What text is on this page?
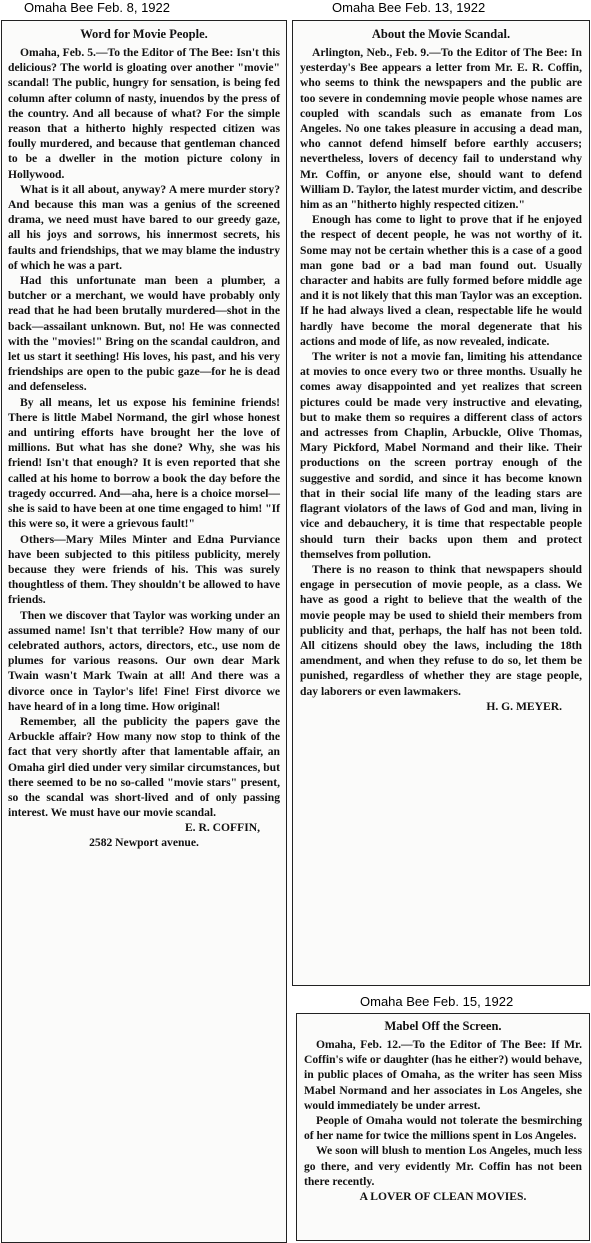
Omaha Bee Feb. 8, 1922	Omaha Bee Feb. 13, 1922
Omaha Bee Feb. 15, 1922
Word for Movie People.

Omaha, Feb. 5.—To the Editor of The Bee: Isn't this delicious? The world is gloating over another "movie" scandal! The public, hungry for sensation, is being fed column after column of nasty, inuendos by the press of the country. And all because of what? For the simple reason that a hitherto highly respected citizen was foully murdered, and because that gentleman chanced to be a dweller in the motion picture colony in Hollywood.

What is it all about, anyway? A mere murder story? And because this man was a genius of the screened drama, we need must have bared to our greedy gaze, all his joys and sorrows, his innermost secrets, his faults and friendships, that we may blame the industry of which he was a part.

Had this unfortunate man been a plumber, a butcher or a merchant, we would have probably only read that he had been brutally murdered—shot in the back—assailant unknown. But, no! He was connected with the "movies!" Bring on the scandal cauldron, and let us start it seething! His loves, his past, and his very friendships are open to the pubic gaze—for he is dead and defenseless.

By all means, let us expose his feminine friends! There is little Mabel Normand, the girl whose honest and untiring efforts have brought her the love of millions. But what has she done? Why, she was his friend! Isn't that enough? It is even reported that she called at his home to borrow a book the day before the tragedy occurred. And—aha, here is a choice morsel—she is said to have been at one time engaged to him! "If this were so, it were a grievous fault!"

Others—Mary Miles Minter and Edna Purviance have been subjected to this pitiless publicity, merely because they were friends of his. This was surely thoughtless of them. They shouldn't be allowed to have friends.

Then we discover that Taylor was working under an assumed name! Isn't that terrible? How many of our celebrated authors, actors, directors, etc., use nom de plumes for various reasons. Our own dear Mark Twain wasn't Mark Twain at all! And there was a divorce once in Taylor's life! Fine! First divorce we have heard of in a long time. How original!

Remember, all the publicity the papers gave the Arbuckle affair? How many now stop to think of the fact that very shortly after that lamentable affair, an Omaha girl died under very similar circumstances, but there seemed to be no so-called "movie stars" present, so the scandal was short-lived and of only passing interest. We must have our movie scandal.

E. R. COFFIN,
2582 Newport avenue.
About the Movie Scandal.

Arlington, Neb., Feb. 9.—To the Editor of The Bee: In yesterday's Bee appears a letter from Mr. E. R. Coffin, who seems to think the newspapers and the public are too severe in condemning movie people whose names are coupled with scandals such as emanate from Los Angeles. No one takes pleasure in accusing a dead man, who cannot defend himself before earthly accusers; nevertheless, lovers of decency fail to understand why Mr. Coffin, or anyone else, should want to defend William D. Taylor, the latest murder victim, and describe him as an "hitherto highly respected citizen."

Enough has come to light to prove that if he enjoyed the respect of decent people, he was not worthy of it. Some may not be certain whether this is a case of a good man gone bad or a bad man found out. Usually character and habits are fully formed before middle age and it is not likely that this man Taylor was an exception. If he had always lived a clean, respectable life he would hardly have become the moral degenerate that his actions and mode of life, as now revealed, indicate.

The writer is not a movie fan, limiting his attendance at movies to once every two or three months. Usually he comes away disappointed and yet realizes that screen pictures could be made very instructive and elevating, but to make them so requires a different class of actors and actresses from Chaplin, Arbuckle, Olive Thomas, Mary Pickford, Mabel Normand and their like. Their productions on the screen portray enough of the suggestive and sordid, and since it has become known that in their social life many of the leading stars are flagrant violators of the laws of God and man, living in vice and debauchery, it is time that respectable people should turn their backs upon them and protect themselves from pollution.

There is no reason to think that newspapers should engage in persecution of movie people, as a class. We have as good a right to believe that the wealth of the movie people may be used to shield their members from publicity and that, perhaps, the half has not been told. All citizens should obey the laws, including the 18th amendment, and when they refuse to do so, let them be punished, regardless of whether they are stage people, day laborers or even lawmakers.

H. G. MEYER.
Mabel Off the Screen.

Omaha, Feb. 12.—To the Editor of The Bee: If Mr. Coffin's wife or daughter (has he either?) would behave, in public places of Omaha, as the writer has seen Miss Mabel Normand and her associates in Los Angeles, she would immediately be under arrest.

People of Omaha would not tolerate the besmirching of her name for twice the millions spent in Los Angeles.

We soon will blush to mention Los Angeles, much less go there, and very evidently Mr. Coffin has not been there recently.

A LOVER OF CLEAN MOVIES.
